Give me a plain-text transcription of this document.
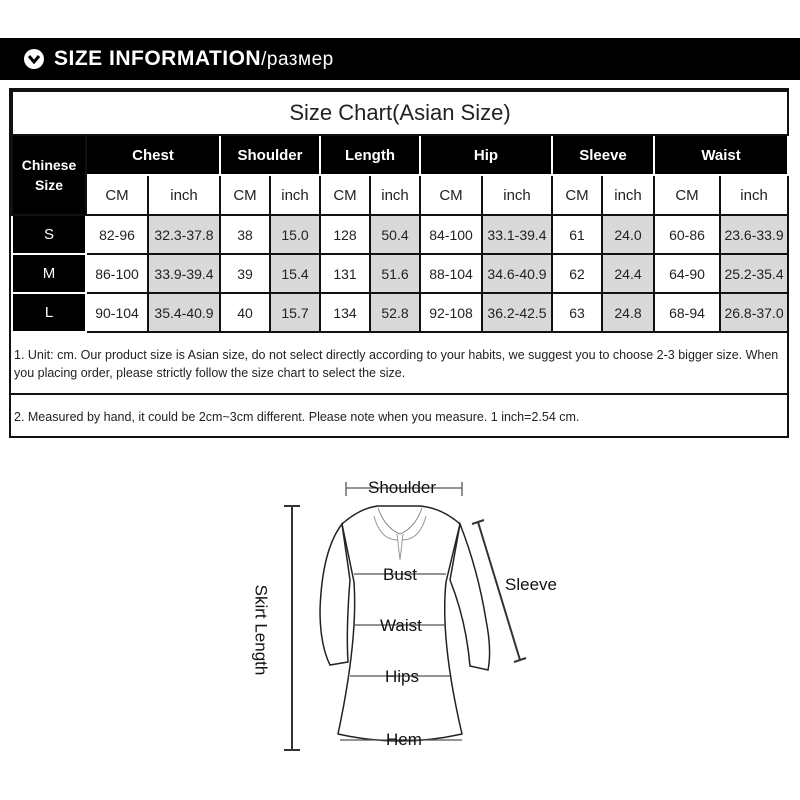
SIZE INFORMATION/размер
Size Chart(Asian Size)												
Chinese Size	Chest		Shoulder		Length		Hip		Sleeve		Waist	
	CM	inch	CM	inch	CM	inch	CM	inch	CM	inch	CM	inch
S	82-96	32.3-37.8	38	15.0	128	50.4	84-100	33.1-39.4	61	24.0	60-86	23.6-33.9
M	86-100	33.9-39.4	39	15.4	131	51.6	88-104	34.6-40.9	62	24.4	64-90	25.2-35.4
L	90-104	35.4-40.9	40	15.7	134	52.8	92-108	36.2-42.5	63	24.8	68-94	26.8-37.0
1. Unit: cm. Our product size is Asian size, do not select directly according to your habits, we suggest you to choose 2-3 bigger size. When you placing order, please strictly follow the size chart to select the size.
2. Measured by hand, it could be 2cm~3cm different. Please note when you measure. 1 inch=2.54 cm.
Shoulder
Bust
Waist
Hips
Hem
Sleeve
Skirt Length
